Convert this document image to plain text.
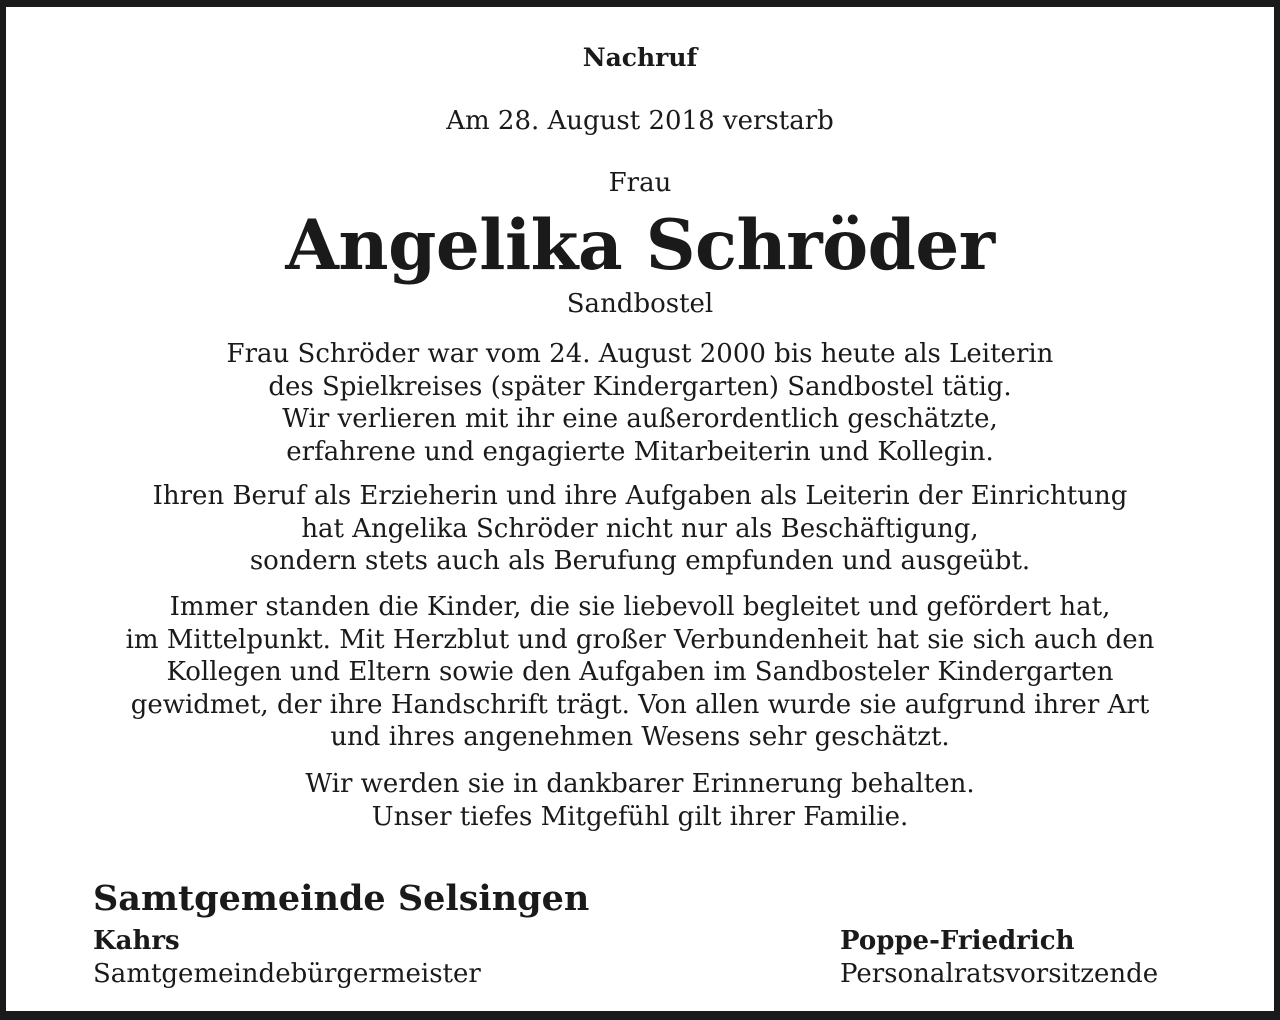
Nachruf
Am 28. August 2018 verstarb
Frau
Angelika Schröder
Sandbostel
Frau Schröder war vom 24. August 2000 bis heute als Leiterin
des Spielkreises (später Kindergarten) Sandbostel tätig.
Wir verlieren mit ihr eine außerordentlich geschätzte,
erfahrene und engagierte Mitarbeiterin und Kollegin.
Ihren Beruf als Erzieherin und ihre Aufgaben als Leiterin der Einrichtung
hat Angelika Schröder nicht nur als Beschäftigung,
sondern stets auch als Berufung empfunden und ausgeübt.
Immer standen die Kinder, die sie liebevoll begleitet und gefördert hat,
im Mittelpunkt. Mit Herzblut und großer Verbundenheit hat sie sich auch den
Kollegen und Eltern sowie den Aufgaben im Sandbosteler Kindergarten
gewidmet, der ihre Handschrift trägt. Von allen wurde sie aufgrund ihrer Art
und ihres angenehmen Wesens sehr geschätzt.
Wir werden sie in dankbarer Erinnerung behalten.
Unser tiefes Mitgefühl gilt ihrer Familie.
Samtgemeinde Selsingen
Kahrs
Samtgemeindebürgermeister
Poppe-Friedrich
Personalratsvorsitzende
